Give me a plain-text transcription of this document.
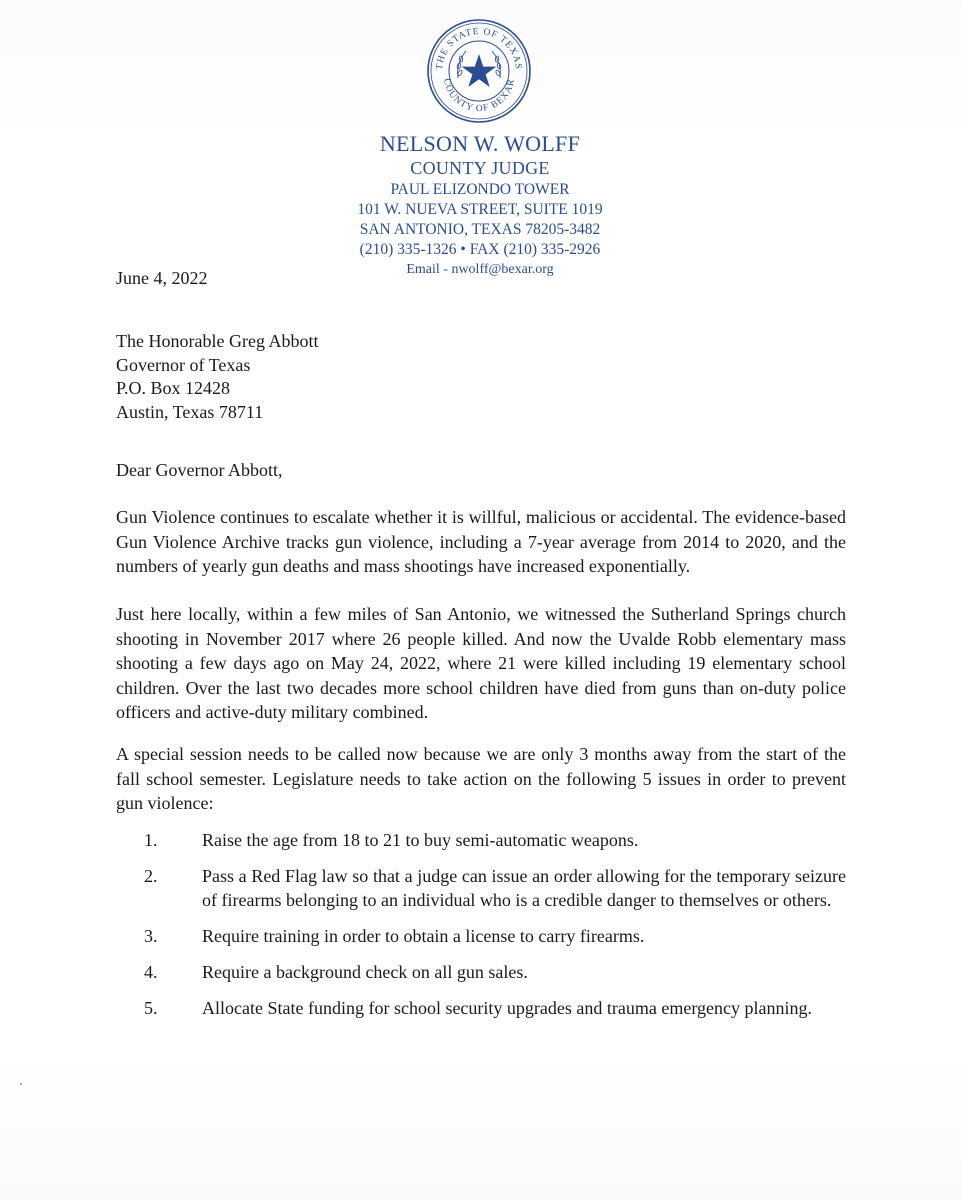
THE STATE OF TEXAS
COUNTY OF BEXAR
NELSON W. WOLFF
COUNTY JUDGE
PAUL ELIZONDO TOWER
101 W. NUEVA STREET, SUITE 1019
SAN ANTONIO, TEXAS 78205-3482
(210) 335-1326 • FAX (210) 335-2926
Email - nwolff@bexar.org
June 4, 2022
The Honorable Greg Abbott
Governor of Texas
P.O. Box 12428
Austin, Texas 78711
Dear Governor Abbott,
Gun Violence continues to escalate whether it is willful, malicious or accidental. The evidence-based Gun Violence Archive tracks gun violence, including a 7-year average from 2014 to 2020, and the numbers of yearly gun deaths and mass shootings have increased exponentially.
Just here locally, within a few miles of San Antonio, we witnessed the Sutherland Springs church shooting in November 2017 where 26 people killed. And now the Uvalde Robb elementary mass shooting a few days ago on May 24, 2022, where 21 were killed including 19 elementary school children. Over the last two decades more school children have died from guns than on-duty police officers and active-duty military combined.
A special session needs to be called now because we are only 3 months away from the start of the fall school semester. Legislature needs to take action on the following 5 issues in order to prevent gun violence:
1.	Raise the age from 18 to 21 to buy semi-automatic weapons.
2.	Pass a Red Flag law so that a judge can issue an order allowing for the temporary seizure of firearms belonging to an individual who is a credible danger to themselves or others.
3.	Require training in order to obtain a license to carry firearms.
4.	Require a background check on all gun sales.
5.	Allocate State funding for school security upgrades and trauma emergency planning.
